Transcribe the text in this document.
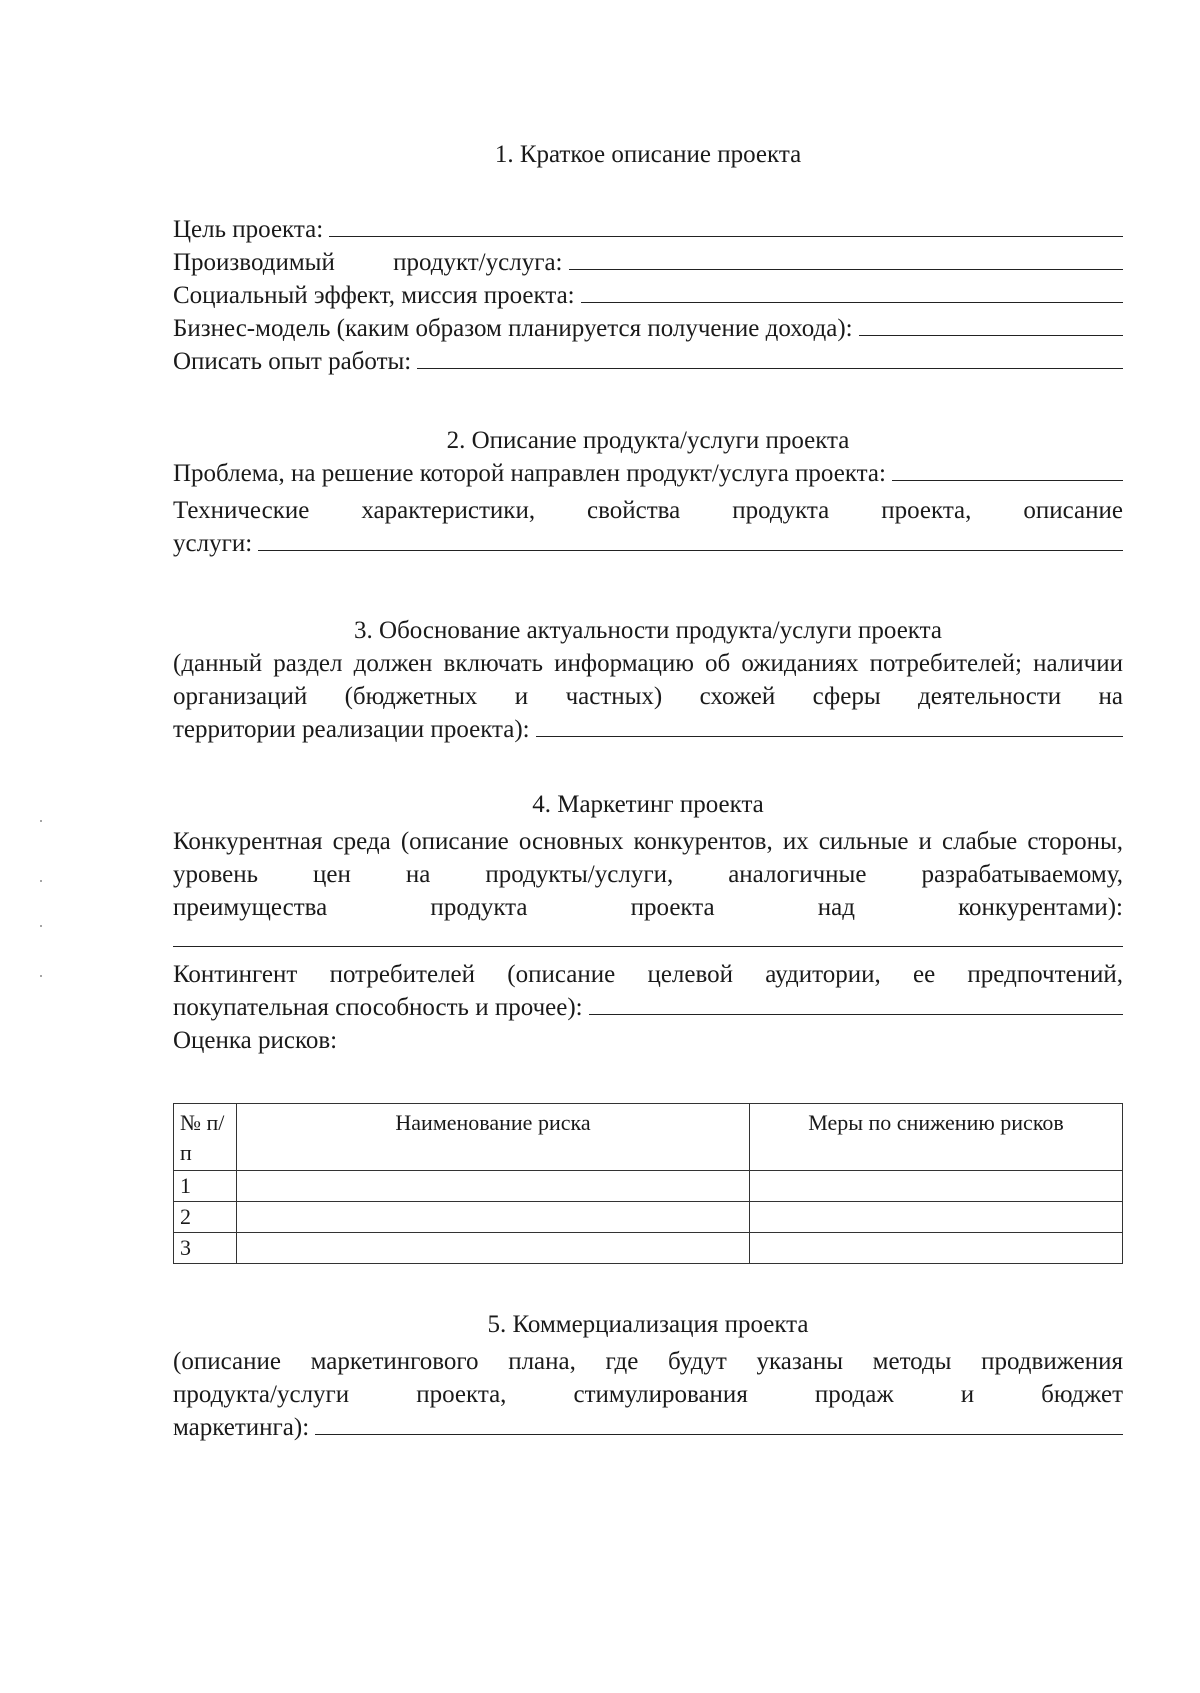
1. Краткое описание проекта

Цель проекта:
Производимый продукт/услуга:
Социальный эффект, миссия проекта:
Бизнес-модель (каким образом планируется получение дохода):
Описать опыт работы:

2. Описание продукта/услуги проекта

Проблема, на решение которой направлен продукт/услуга проекта:

Технические характеристики, свойства продукта проекта, описание

услуги:

3. Обоснование актуальности продукта/услуги проекта

(данный раздел должен включать информацию об ожиданиях потребителей; наличии организаций (бюджетных и частных) схожей сферы деятельности на

территории реализации проекта):

4. Маркетинг проекта

Конкурентная среда (описание основных конкурентов, их сильные и слабые стороны, уровень цен на продукты/услуги, аналогичные разрабатываемому,

преимущества продукта проекта над конкурентами):

Контингент потребителей (описание целевой аудитории, ее предпочтений,

покупательная способность и прочее):

Оценка рисков:

№ п/п	Наименование риска	Меры по снижению рисков
1		
2		
3		

5. Коммерциализация проекта

(описание маркетингового плана, где будут указаны методы продвижения

продукта/услуги проекта, стимулирования продаж и бюджет

маркетинга):
